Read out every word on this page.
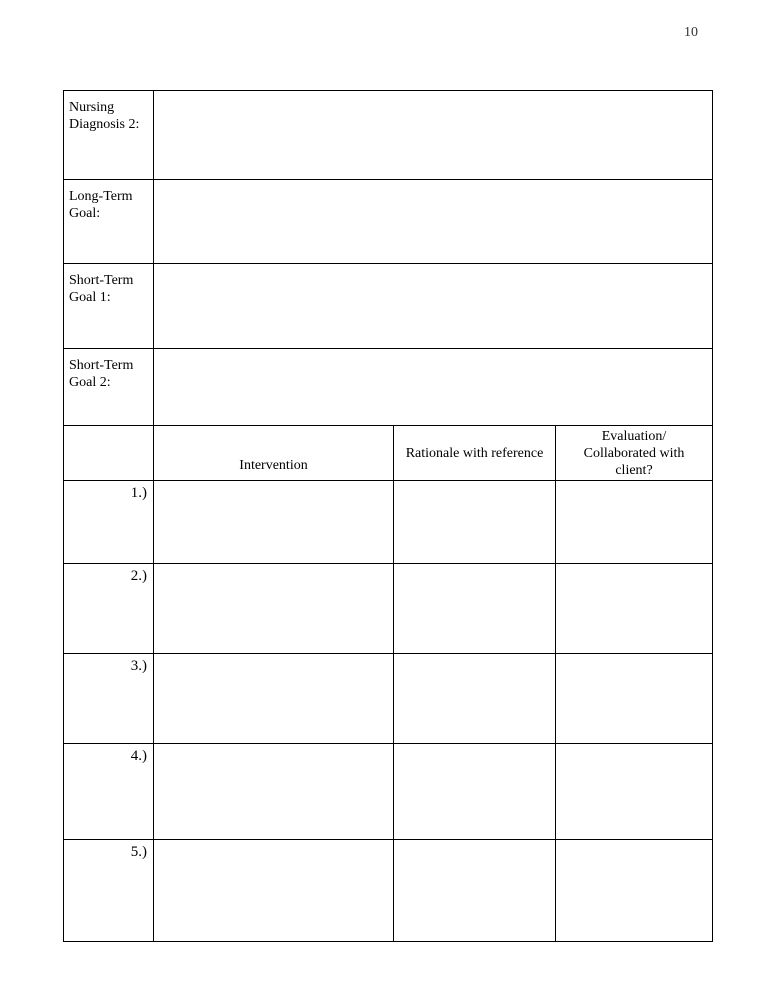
10
Nursing
Diagnosis 2:			

Long-Term
Goal:			

Short-Term
Goal 1:			

Short-Term
Goal 2:			

	Intervention	Rationale with reference	Evaluation/
Collaborated with
client?

1.)			
2.)			
3.)			
4.)			
5.)			
